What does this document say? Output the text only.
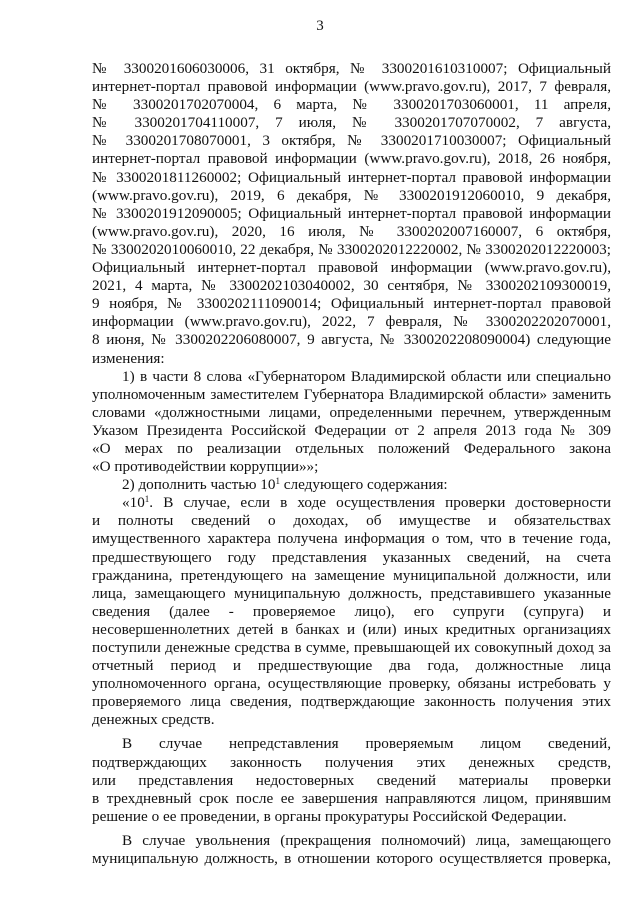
3
№ 3300201606030006, 31 октября, № 3300201610310007; Официальный
интернет-портал правовой информации (www.pravo.gov.ru), 2017, 7 февраля,
№ 3300201702070004, 6 марта, № 3300201703060001, 11 апреля,
№ 3300201704110007, 7 июля, № 3300201707070002, 7 августа,
№ 3300201708070001, 3 октября, № 3300201710030007; Официальный
интернет-портал правовой информации (www.pravo.gov.ru), 2018, 26 ноября,
№ 3300201811260002; Официальный интернет-портал правовой информации
(www.pravo.gov.ru), 2019, 6 декабря, № 3300201912060010, 9 декабря,
№ 3300201912090005; Официальный интернет-портал правовой информации
(www.pravo.gov.ru), 2020, 16 июля, № 3300202007160007, 6 октября,
№ 3300202010060010, 22 декабря, № 3300202012220002, № 3300202012220003;
Официальный интернет-портал правовой информации (www.pravo.gov.ru),
2021, 4 марта, № 3300202103040002, 30 сентября, № 3300202109300019,
9 ноября, № 3300202111090014; Официальный интернет-портал правовой
информации (www.pravo.gov.ru), 2022, 7 февраля, № 3300202202070001,
8 июня, № 3300202206080007, 9 августа, № 3300202208090004) следующие
изменения:
1) в части 8 слова «Губернатором Владимирской области или специально
уполномоченным заместителем Губернатора Владимирской области» заменить
словами «должностными лицами, определенными перечнем, утвержденным
Указом Президента Российской Федерации от 2 апреля 2013 года № 309
«О мерах по реализации отдельных положений Федерального закона
«О противодействии коррупции»»;
2) дополнить частью $10^1$ следующего содержания:
«$10^1$. В случае, если в ходе осуществления проверки достоверности
и полноты сведений о доходах, об имуществе и обязательствах
имущественного характера получена информация о том, что в течение года,
предшествующего году представления указанных сведений, на счета
гражданина, претендующего на замещение муниципальной должности, или
лица, замещающего муниципальную должность, представившего указанные
сведения (далее - проверяемое лицо), его супруги (супруга) и
несовершеннолетних детей в банках и (или) иных кредитных организациях
поступили денежные средства в сумме, превышающей их совокупный доход за
отчетный период и предшествующие два года, должностные лица
уполномоченного органа, осуществляющие проверку, обязаны истребовать у
проверяемого лица сведения, подтверждающие законность получения этих
денежных средств.
В случае непредставления проверяемым лицом сведений,
подтверждающих законность получения этих денежных средств,
или представления недостоверных сведений материалы проверки
в трехдневный срок после ее завершения направляются лицом, принявшим
решение о ее проведении, в органы прокуратуры Российской Федерации.
В случае увольнения (прекращения полномочий) лица, замещающего
муниципальную должность, в отношении которого осуществляется проверка,
